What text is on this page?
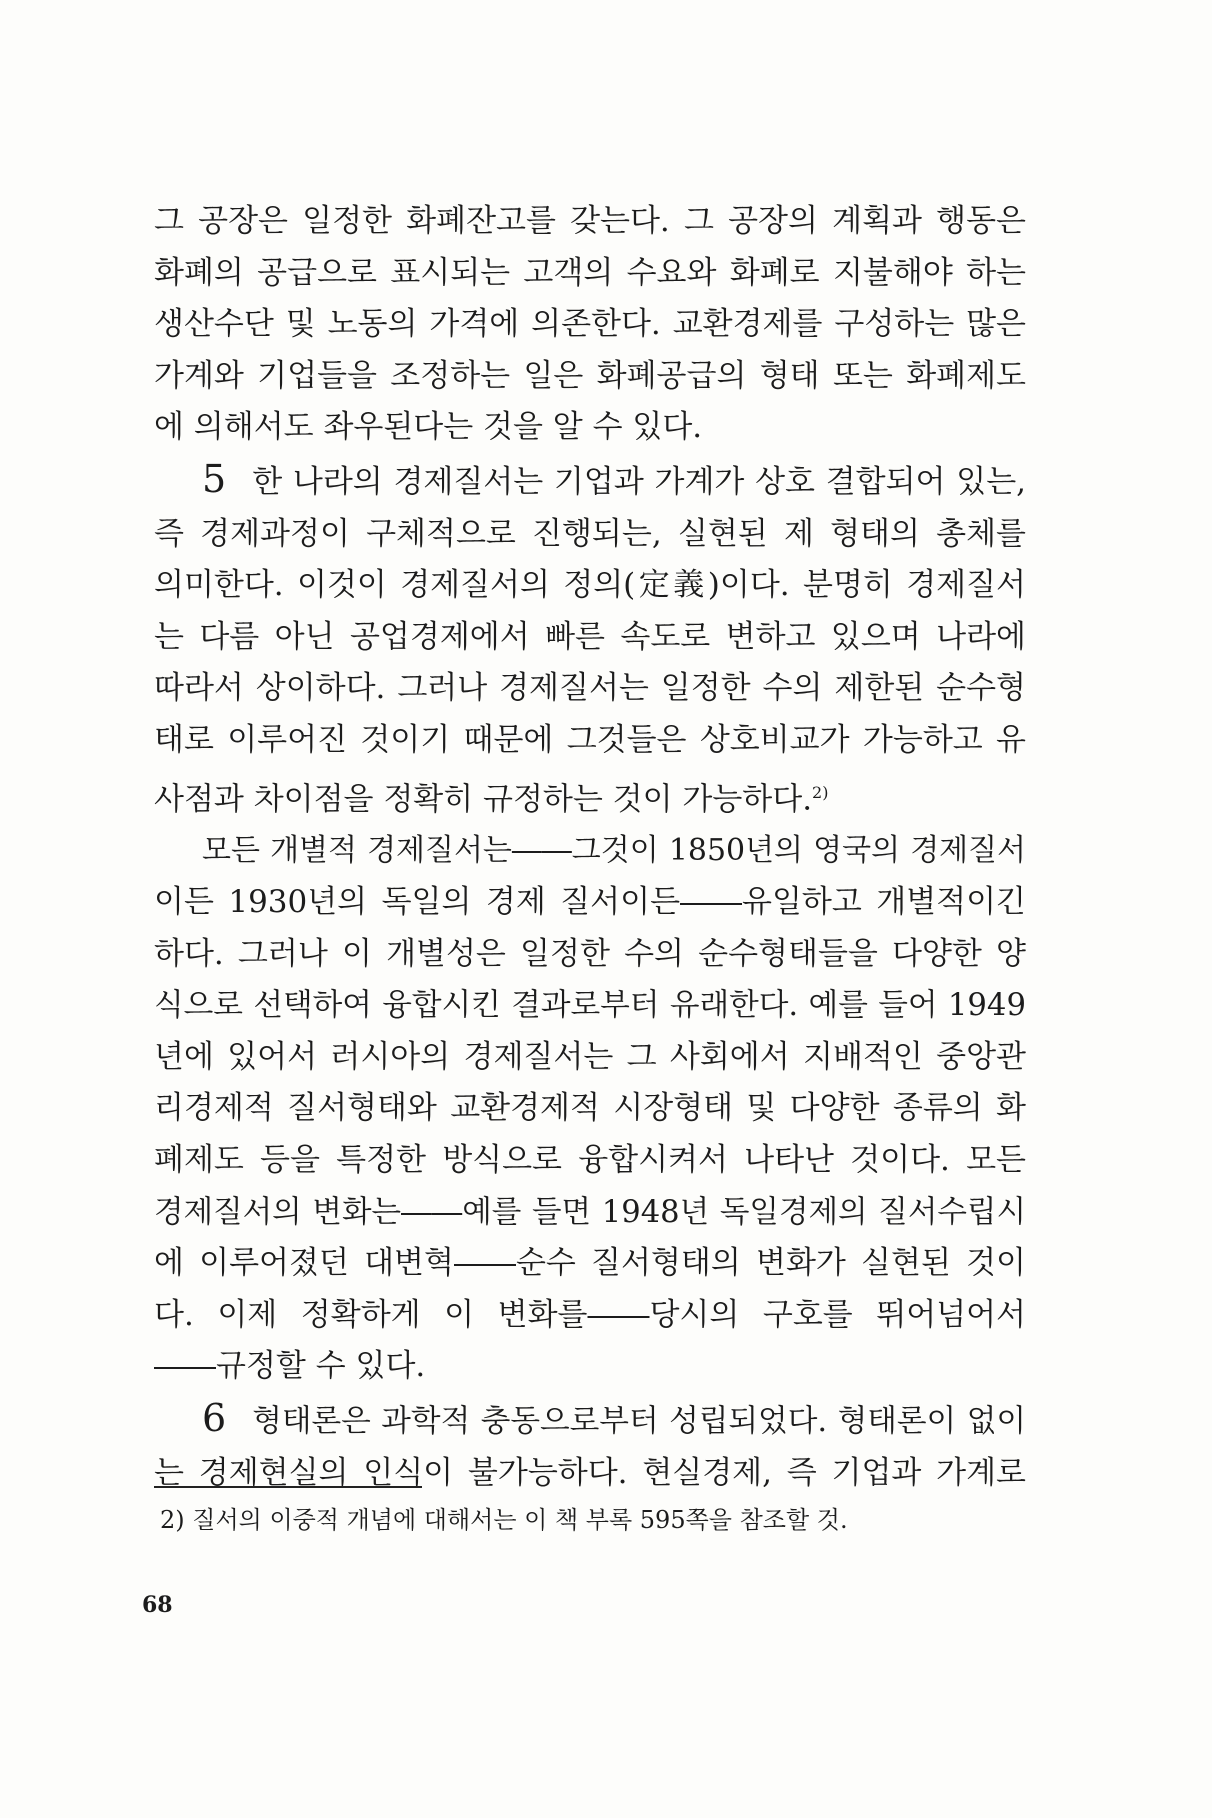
그 공장은 일정한 화폐잔고를 갖는다. 그 공장의 계획과 행동은
화폐의 공급으로 표시되는 고객의 수요와 화폐로 지불해야 하는
생산수단 및 노동의 가격에 의존한다. 교환경제를 구성하는 많은
가계와 기업들을 조정하는 일은 화폐공급의 형태 또는 화폐제도
에 의해서도 좌우된다는 것을 알 수 있다.
5 한 나라의 경제질서는 기업과 가계가 상호 결합되어 있는,
즉 경제과정이 구체적으로 진행되는, 실현된 제 형태의 총체를
의미한다. 이것이 경제질서의 정의(定義)이다. 분명히 경제질서
는 다름 아닌 공업경제에서 빠른 속도로 변하고 있으며 나라에
따라서 상이하다. 그러나 경제질서는 일정한 수의 제한된 순수형
태로 이루어진 것이기 때문에 그것들은 상호비교가 가능하고 유
사점과 차이점을 정확히 규정하는 것이 가능하다.$^{2)}$
모든 개별적 경제질서는――그것이 1850년의 영국의 경제질서
이든 1930년의 독일의 경제 질서이든――유일하고 개별적이긴
하다. 그러나 이 개별성은 일정한 수의 순수형태들을 다양한 양
식으로 선택하여 융합시킨 결과로부터 유래한다. 예를 들어 1949
년에 있어서 러시아의 경제질서는 그 사회에서 지배적인 중앙관
리경제적 질서형태와 교환경제적 시장형태 및 다양한 종류의 화
폐제도 등을 특정한 방식으로 융합시켜서 나타난 것이다. 모든
경제질서의 변화는――예를 들면 1948년 독일경제의 질서수립시
에 이루어졌던 대변혁――순수 질서형태의 변화가 실현된 것이
다. 이제 정확하게 이 변화를――당시의 구호를 뛰어넘어서
――규정할 수 있다.
6 형태론은 과학적 충동으로부터 성립되었다. 형태론이 없이
는 경제현실의 인식이 불가능하다. 현실경제, 즉 기업과 가계로
2) 질서의 이중적 개념에 대해서는 이 책 부록 595쪽을 참조할 것.
68
